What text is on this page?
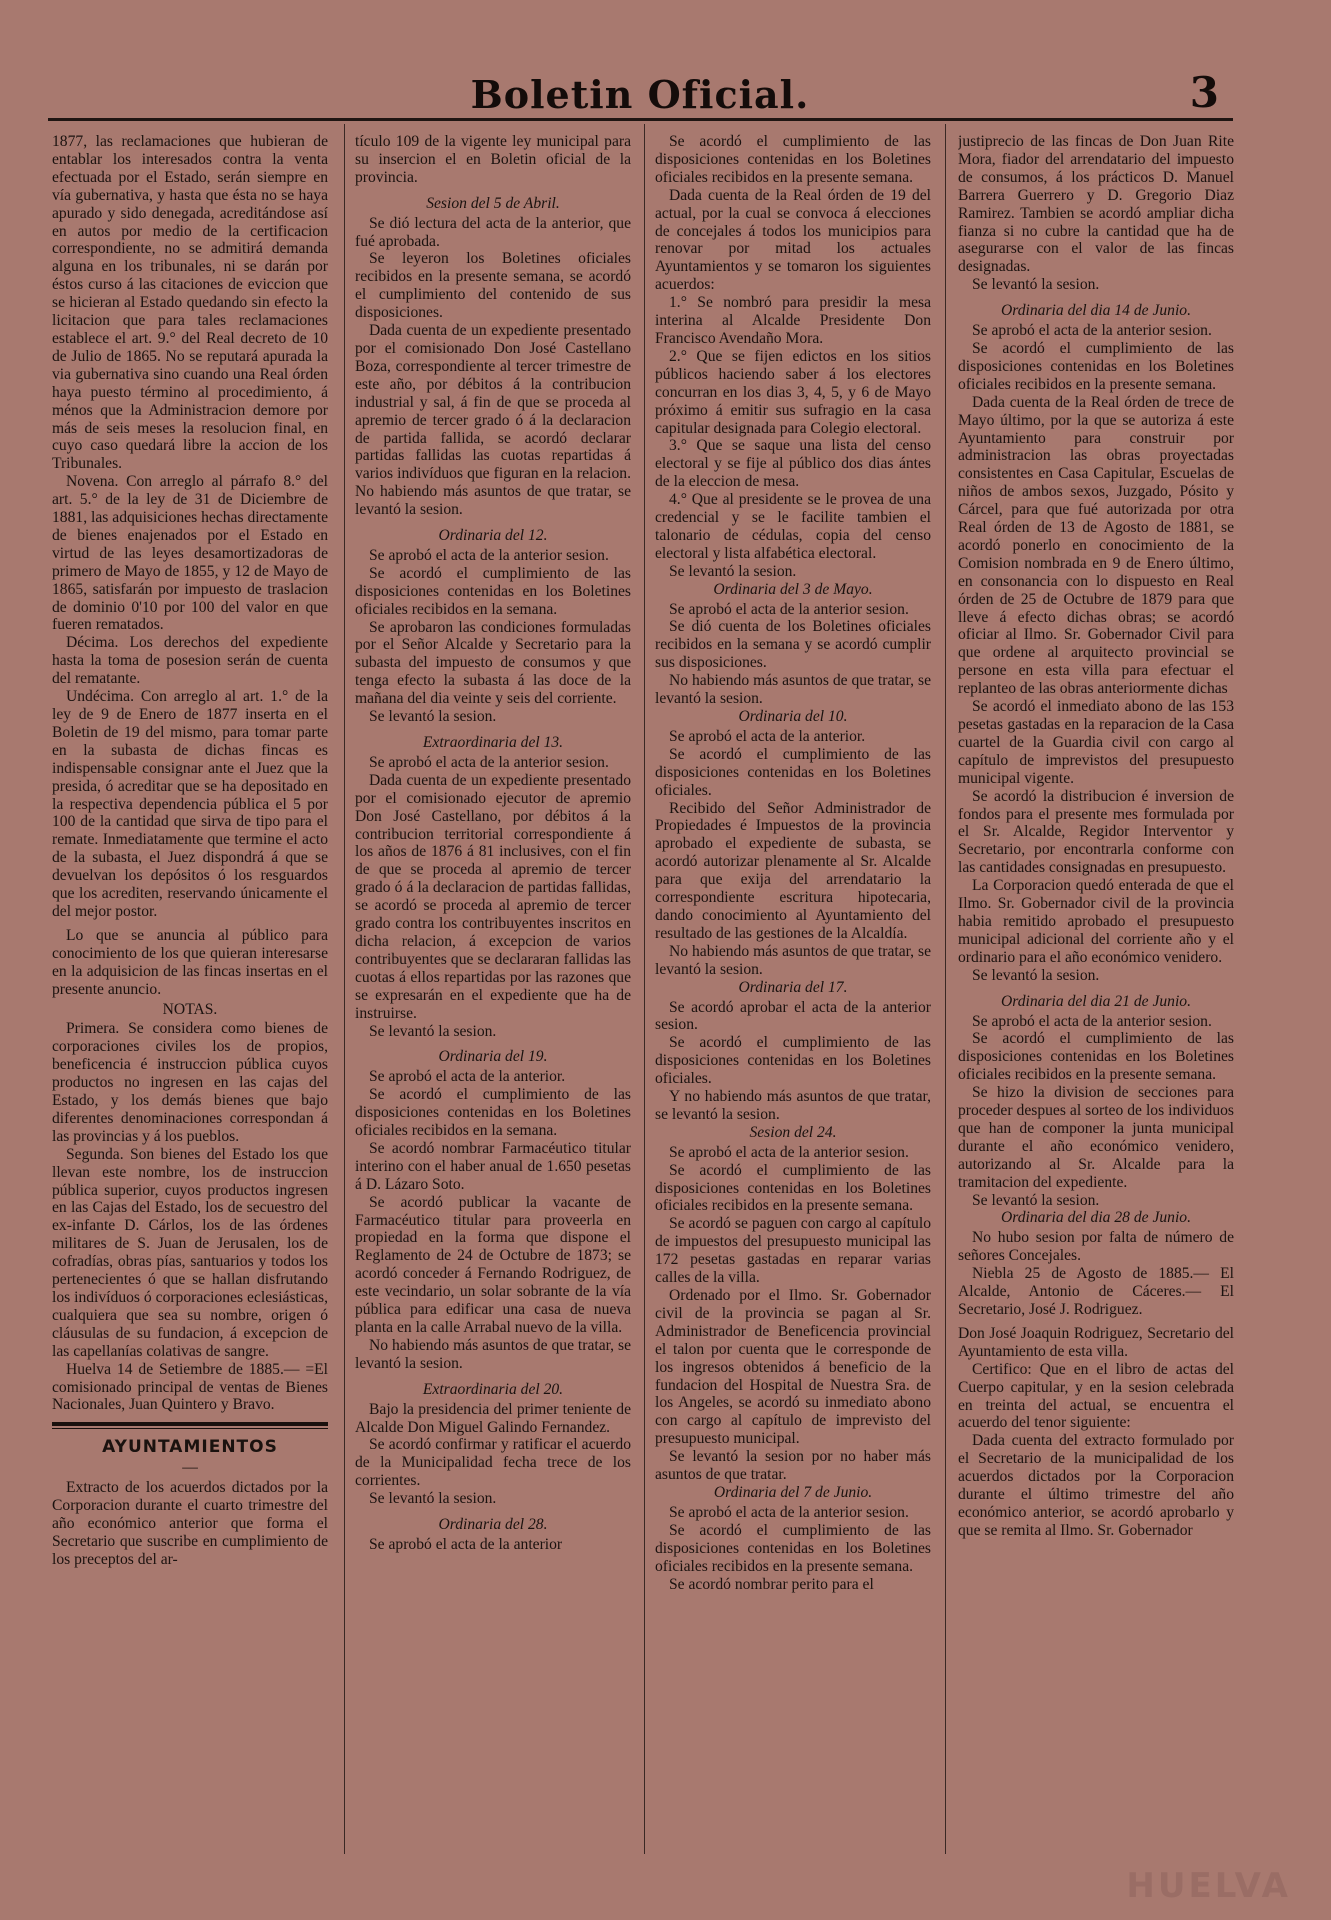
Boletin Oficial.	3

1877, las reclamaciones que hubieran de entablar los interesados contra la venta efectuada por el Estado, serán siempre en vía gubernativa, y hasta que ésta no se haya apurado y sido denegada, acreditándose así en autos por medio de la certificacion correspondiente, no se admitirá demanda alguna en los tribunales, ni se darán por éstos curso á las citaciones de eviccion que se hicieran al Estado quedando sin efecto la licitacion que para tales reclamaciones establece el art. 9.° del Real decreto de 10 de Julio de 1865. No se reputará apurada la via gubernativa sino cuando una Real órden haya puesto término al procedimiento, á ménos que la Administracion demore por más de seis meses la resolucion final, en cuyo caso quedará libre la accion de los Tribunales.

Novena. Con arreglo al párrafo 8.° del art. 5.° de la ley de 31 de Diciembre de 1881, las adquisiciones hechas directamente de bienes enajenados por el Estado en virtud de las leyes desamortizadoras de primero de Mayo de 1855, y 12 de Mayo de 1865, satisfarán por impuesto de traslacion de dominio 0'10 por 100 del valor en que fueren rematados.

Décima. Los derechos del expediente hasta la toma de posesion serán de cuenta del rematante.

Undécima. Con arreglo al art. 1.° de la ley de 9 de Enero de 1877 inserta en el Boletin de 19 del mismo, para tomar parte en la subasta de dichas fincas es indispensable consignar ante el Juez que la presida, ó acreditar que se ha depositado en la respectiva dependencia pública el 5 por 100 de la cantidad que sirva de tipo para el remate. Inmediatamente que termine el acto de la subasta, el Juez dispondrá á que se devuelvan los depósitos ó los resguardos que los acrediten, reservando únicamente el del mejor postor.

Lo que se anuncia al público para conocimiento de los que quieran interesarse en la adquisicion de las fincas insertas en el presente anuncio.

NOTAS.

Primera. Se considera como bienes de corporaciones civiles los de propios, beneficencia é instruccion pública cuyos productos no ingresen en las cajas del Estado, y los demás bienes que bajo diferentes denominaciones correspondan á las provincias y á los pueblos.

Segunda. Son bienes del Estado los que llevan este nombre, los de instruccion pública superior, cuyos productos ingresen en las Cajas del Estado, los de secuestro del ex-infante D. Cárlos, los de las órdenes militares de S. Juan de Jerusalen, los de cofradías, obras pías, santuarios y todos los pertenecientes ó que se hallan disfrutando los indivíduos ó corporaciones eclesiásticas, cualquiera que sea su nombre, origen ó cláusulas de su fundacion, á excepcion de las capellanías colativas de sangre.

Huelva 14 de Setiembre de 1885.— =El comisionado principal de ventas de Bienes Nacionales, Juan Quintero y Bravo.

AYUNTAMIENTOS
—

Extracto de los acuerdos dictados por la Corporacion durante el cuarto trimestre del año económico anterior que forma el Secretario que suscribe en cumplimiento de los preceptos del ar-

tículo 109 de la vigente ley municipal para su insercion el en Boletin oficial de la provincia.

Sesion del 5 de Abril.

Se dió lectura del acta de la anterior, que fué aprobada.

Se leyeron los Boletines oficiales recibidos en la presente semana, se acordó el cumplimiento del contenido de sus disposiciones.

Dada cuenta de un expediente presentado por el comisionado Don José Castellano Boza, correspondiente al tercer trimestre de este año, por débitos á la contribucion industrial y sal, á fin de que se proceda al apremio de tercer grado ó á la declaracion de partida fallida, se acordó declarar partidas fallidas las cuotas repartidas á varios indivíduos que figuran en la relacion. No habiendo más asuntos de que tratar, se levantó la sesion.

Ordinaria del 12.

Se aprobó el acta de la anterior sesion.

Se acordó el cumplimiento de las disposiciones contenidas en los Boletines oficiales recibidos en la semana.

Se aprobaron las condiciones formuladas por el Señor Alcalde y Secretario para la subasta del impuesto de consumos y que tenga efecto la subasta á las doce de la mañana del dia veinte y seis del corriente.

Se levantó la sesion.

Extraordinaria del 13.

Se aprobó el acta de la anterior sesion.

Dada cuenta de un expediente presentado por el comisionado ejecutor de apremio Don José Castellano, por débitos á la contribucion territorial correspondiente á los años de 1876 á 81 inclusives, con el fin de que se proceda al apremio de tercer grado ó á la declaracion de partidas fallidas, se acordó se proceda al apremio de tercer grado contra los contribuyentes inscritos en dicha relacion, á excepcion de varios contribuyentes que se declararan fallidas las cuotas á ellos repartidas por las razones que se expresarán en el expediente que ha de instruirse.

Se levantó la sesion.

Ordinaria del 19.

Se aprobó el acta de la anterior.

Se acordó el cumplimiento de las disposiciones contenidas en los Boletines oficiales recibidos en la semana.

Se acordó nombrar Farmacéutico titular interino con el haber anual de 1.650 pesetas á D. Lázaro Soto.

Se acordó publicar la vacante de Farmacéutico titular para proveerla en propiedad en la forma que dispone el Reglamento de 24 de Octubre de 1873; se acordó conceder á Fernando Rodriguez, de este vecindario, un solar sobrante de la vía pública para edificar una casa de nueva planta en la calle Arrabal nuevo de la villa.

No habiendo más asuntos de que tratar, se levantó la sesion.

Extraordinaria del 20.

Bajo la presidencia del primer teniente de Alcalde Don Miguel Galindo Fernandez.

Se acordó confirmar y ratificar el acuerdo de la Municipalidad fecha trece de los corrientes.

Se levantó la sesion.

Ordinaria del 28.

Se aprobó el acta de la anterior

Se acordó el cumplimiento de las disposiciones contenidas en los Boletines oficiales recibidos en la presente semana.

Dada cuenta de la Real órden de 19 del actual, por la cual se convoca á elecciones de concejales á todos los municipios para renovar por mitad los actuales Ayuntamientos y se tomaron los siguientes acuerdos:

1.° Se nombró para presidir la mesa interina al Alcalde Presidente Don Francisco Avendaño Mora.

2.° Que se fijen edictos en los sitios públicos haciendo saber á los electores concurran en los dias 3, 4, 5, y 6 de Mayo próximo á emitir sus sufragio en la casa capitular designada para Colegio electoral.

3.° Que se saque una lista del censo electoral y se fije al público dos dias ántes de la eleccion de mesa.

4.° Que al presidente se le provea de una credencial y se le facilite tambien el talonario de cédulas, copia del censo electoral y lista alfabética electoral.

Se levantó la sesion.

Ordinaria del 3 de Mayo.

Se aprobó el acta de la anterior sesion.

Se dió cuenta de los Boletines oficiales recibidos en la semana y se acordó cumplir sus disposiciones.

No habiendo más asuntos de que tratar, se levantó la sesion.

Ordinaria del 10.

Se aprobó el acta de la anterior.

Se acordó el cumplimiento de las disposiciones contenidas en los Boletines oficiales.

Recibido del Señor Administrador de Propiedades é Impuestos de la provincia aprobado el expediente de subasta, se acordó autorizar plenamente al Sr. Alcalde para que exija del arrendatario la correspondiente escritura hipotecaria, dando conocimiento al Ayuntamiento del resultado de las gestiones de la Alcaldía.

No habiendo más asuntos de que tratar, se levantó la sesion.

Ordinaria del 17.

Se acordó aprobar el acta de la anterior sesion.

Se acordó el cumplimiento de las disposiciones contenidas en los Boletines oficiales.

Y no habiendo más asuntos de que tratar, se levantó la sesion.

Sesion del 24.

Se aprobó el acta de la anterior sesion.

Se acordó el cumplimiento de las disposiciones contenidas en los Boletines oficiales recibidos en la presente semana.

Se acordó se paguen con cargo al capítulo de impuestos del presupuesto municipal las 172 pesetas gastadas en reparar varias calles de la villa.

Ordenado por el Ilmo. Sr. Gobernador civil de la provincia se pagan al Sr. Administrador de Beneficencia provincial el talon por cuenta que le corresponde de los ingresos obtenidos á beneficio de la fundacion del Hospital de Nuestra Sra. de los Angeles, se acordó su inmediato abono con cargo al capítulo de imprevisto del presupuesto municipal.

Se levantó la sesion por no haber más asuntos de que tratar.

Ordinaria del 7 de Junio.

Se aprobó el acta de la anterior sesion.

Se acordó el cumplimiento de las disposiciones contenidas en los Boletines oficiales recibidos en la presente semana.

Se acordó nombrar perito para el

justiprecio de las fincas de Don Juan Rite Mora, fiador del arrendatario del impuesto de consumos, á los prácticos D. Manuel Barrera Guerrero y D. Gregorio Diaz Ramirez. Tambien se acordó ampliar dicha fianza si no cubre la cantidad que ha de asegurarse con el valor de las fincas designadas.

Se levantó la sesion.

Ordinaria del dia 14 de Junio.

Se aprobó el acta de la anterior sesion.

Se acordó el cumplimiento de las disposiciones contenidas en los Boletines oficiales recibidos en la presente semana.

Dada cuenta de la Real órden de trece de Mayo último, por la que se autoriza á este Ayuntamiento para construir por administracion las obras proyectadas consistentes en Casa Capitular, Escuelas de niños de ambos sexos, Juzgado, Pósito y Cárcel, para que fué autorizada por otra Real órden de 13 de Agosto de 1881, se acordó ponerlo en conocimiento de la Comision nombrada en 9 de Enero último, en consonancia con lo dispuesto en Real órden de 25 de Octubre de 1879 para que lleve á efecto dichas obras; se acordó oficiar al Ilmo. Sr. Gobernador Civil para que ordene al arquitecto provincial se persone en esta villa para efectuar el replanteo de las obras anteriormente dichas

Se acordó el inmediato abono de las 153 pesetas gastadas en la reparacion de la Casa cuartel de la Guardia civil con cargo al capítulo de imprevistos del presupuesto municipal vigente.

Se acordó la distribucion é inversion de fondos para el presente mes formulada por el Sr. Alcalde, Regidor Interventor y Secretario, por encontrarla conforme con las cantidades consignadas en presupuesto.

La Corporacion quedó enterada de que el Ilmo. Sr. Gobernador civil de la provincia habia remitido aprobado el presupuesto municipal adicional del corriente año y el ordinario para el año económico venidero.

Se levantó la sesion.

Ordinaria del dia 21 de Junio.

Se aprobó el acta de la anterior sesion.

Se acordó el cumplimiento de las disposiciones contenidas en los Boletines oficiales recibidos en la presente semana.

Se hizo la division de secciones para proceder despues al sorteo de los individuos que han de componer la junta municipal durante el año económico venidero, autorizando al Sr. Alcalde para la tramitacion del expediente.

Se levantó la sesion.

Ordinaria del dia 28 de Junio.

No hubo sesion por falta de número de señores Concejales.

Niebla 25 de Agosto de 1885.— El Alcalde, Antonio de Cáceres.— El Secretario, José J. Rodriguez.

Don José Joaquin Rodriguez, Secretario del Ayuntamiento de esta villa.

Certifico: Que en el libro de actas del Cuerpo capitular, y en la sesion celebrada en treinta del actual, se encuentra el acuerdo del tenor siguiente:

Dada cuenta del extracto formulado por el Secretario de la municipalidad de los acuerdos dictados por la Corporacion durante el último trimestre del año económico anterior, se acordó aprobarlo y que se remita al Ilmo. Sr. Gobernador

HUELVA
